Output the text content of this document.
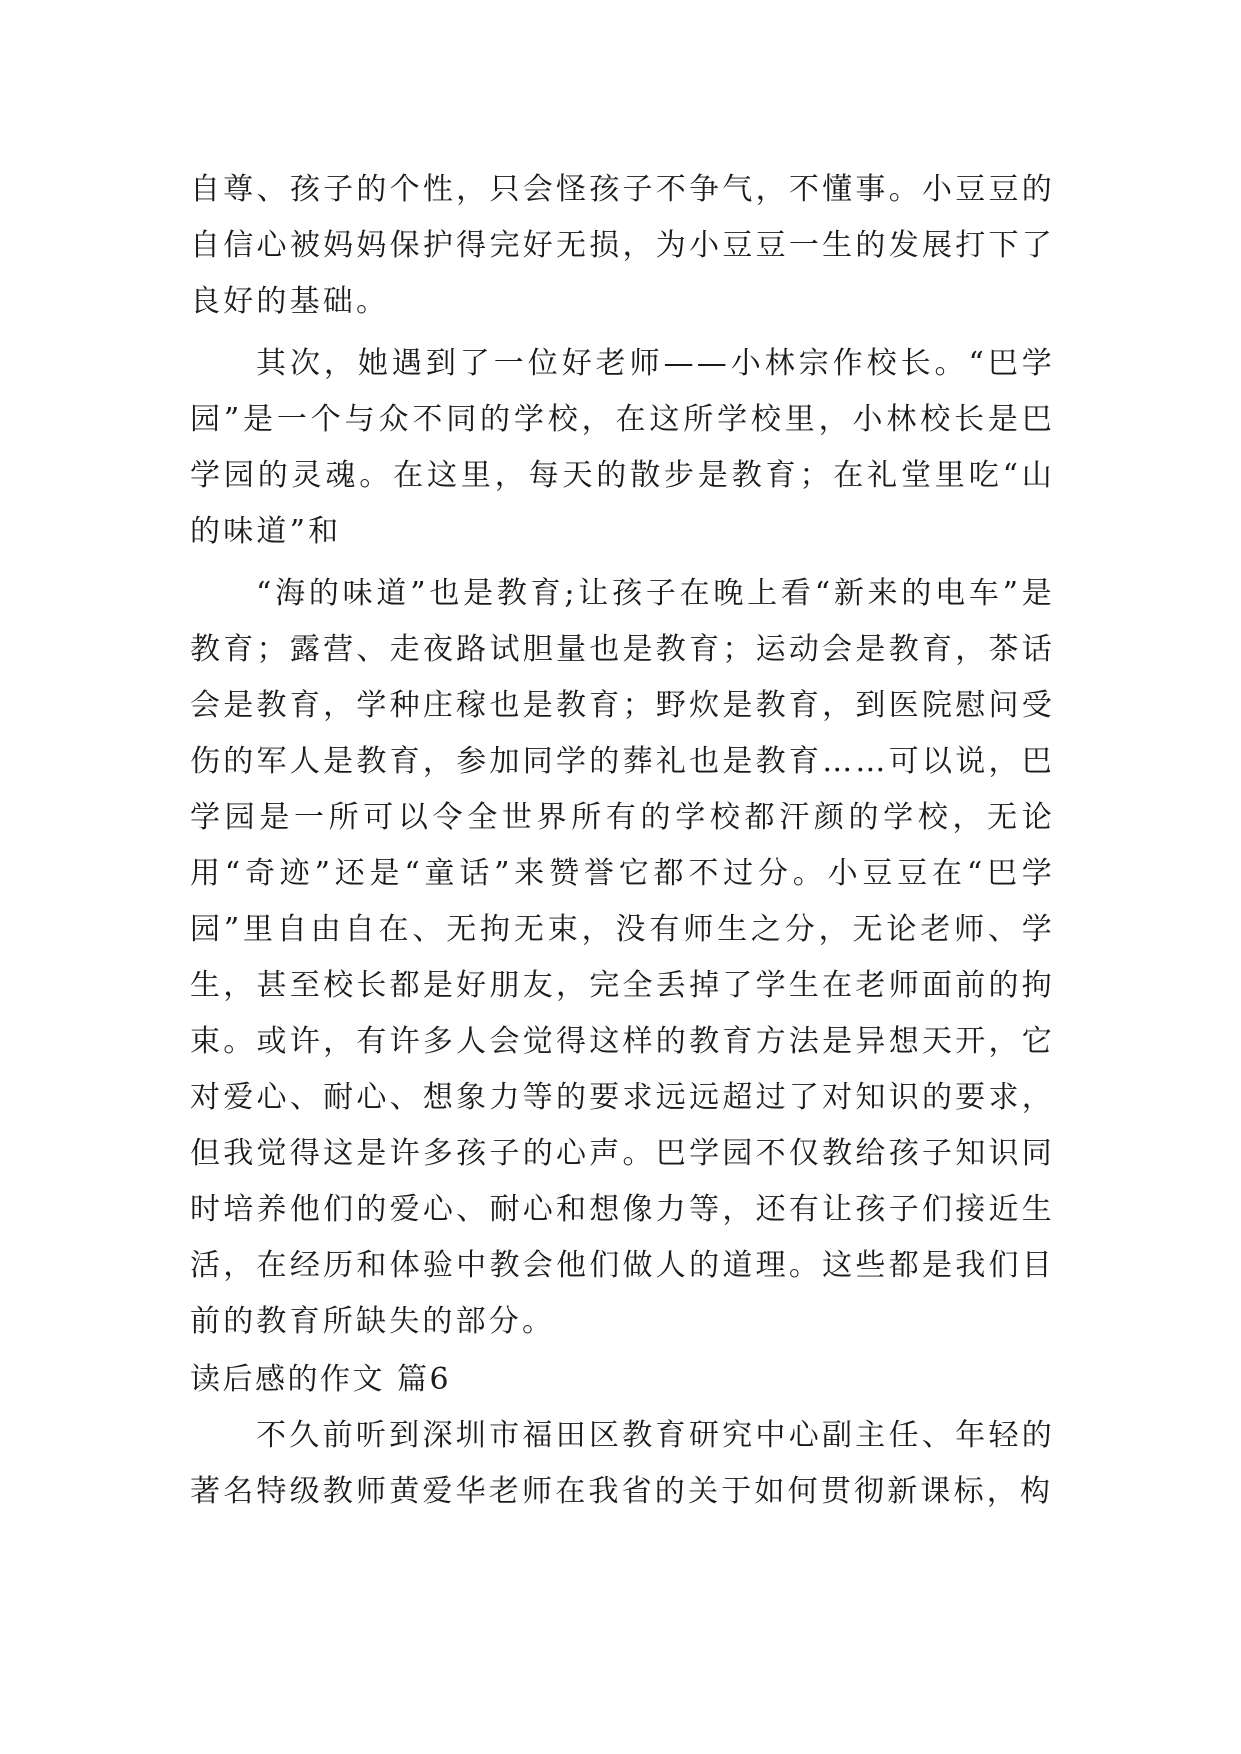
自尊、孩子的个性，只会怪孩子不争气，不懂事。小豆豆的自信心被妈妈保护得完好无损，为小豆豆一生的发展打下了良好的基础。

其次，她遇到了一位好老师——小林宗作校长。“巴学园”是一个与众不同的学校，在这所学校里，小林校长是巴学园的灵魂。在这里，每天的散步是教育；在礼堂里吃“山的味道”和

“海的味道”也是教育;让孩子在晚上看“新来的电车”是教育；露营、走夜路试胆量也是教育；运动会是教育，茶话会是教育，学种庄稼也是教育；野炊是教育，到医院慰问受伤的军人是教育，参加同学的葬礼也是教育……可以说，巴学园是一所可以令全世界所有的学校都汗颜的学校，无论用“奇迹”还是“童话”来赞誉它都不过分。小豆豆在“巴学园”里自由自在、无拘无束，没有师生之分，无论老师、学生，甚至校长都是好朋友，完全丢掉了学生在老师面前的拘束。或许，有许多人会觉得这样的教育方法是异想天开，它对爱心、耐心、想象力等的要求远远超过了对知识的要求，但我觉得这是许多孩子的心声。巴学园不仅教给孩子知识同时培养他们的爱心、耐心和想像力等，还有让孩子们接近生活，在经历和体验中教会他们做人的道理。这些都是我们目前的教育所缺失的部分。

读后感的作文 篇6

不久前听到深圳市福田区教育研究中心副主任、年轻的著名特级教师黄爱华老师在我省的关于如何贯彻新课标，构
